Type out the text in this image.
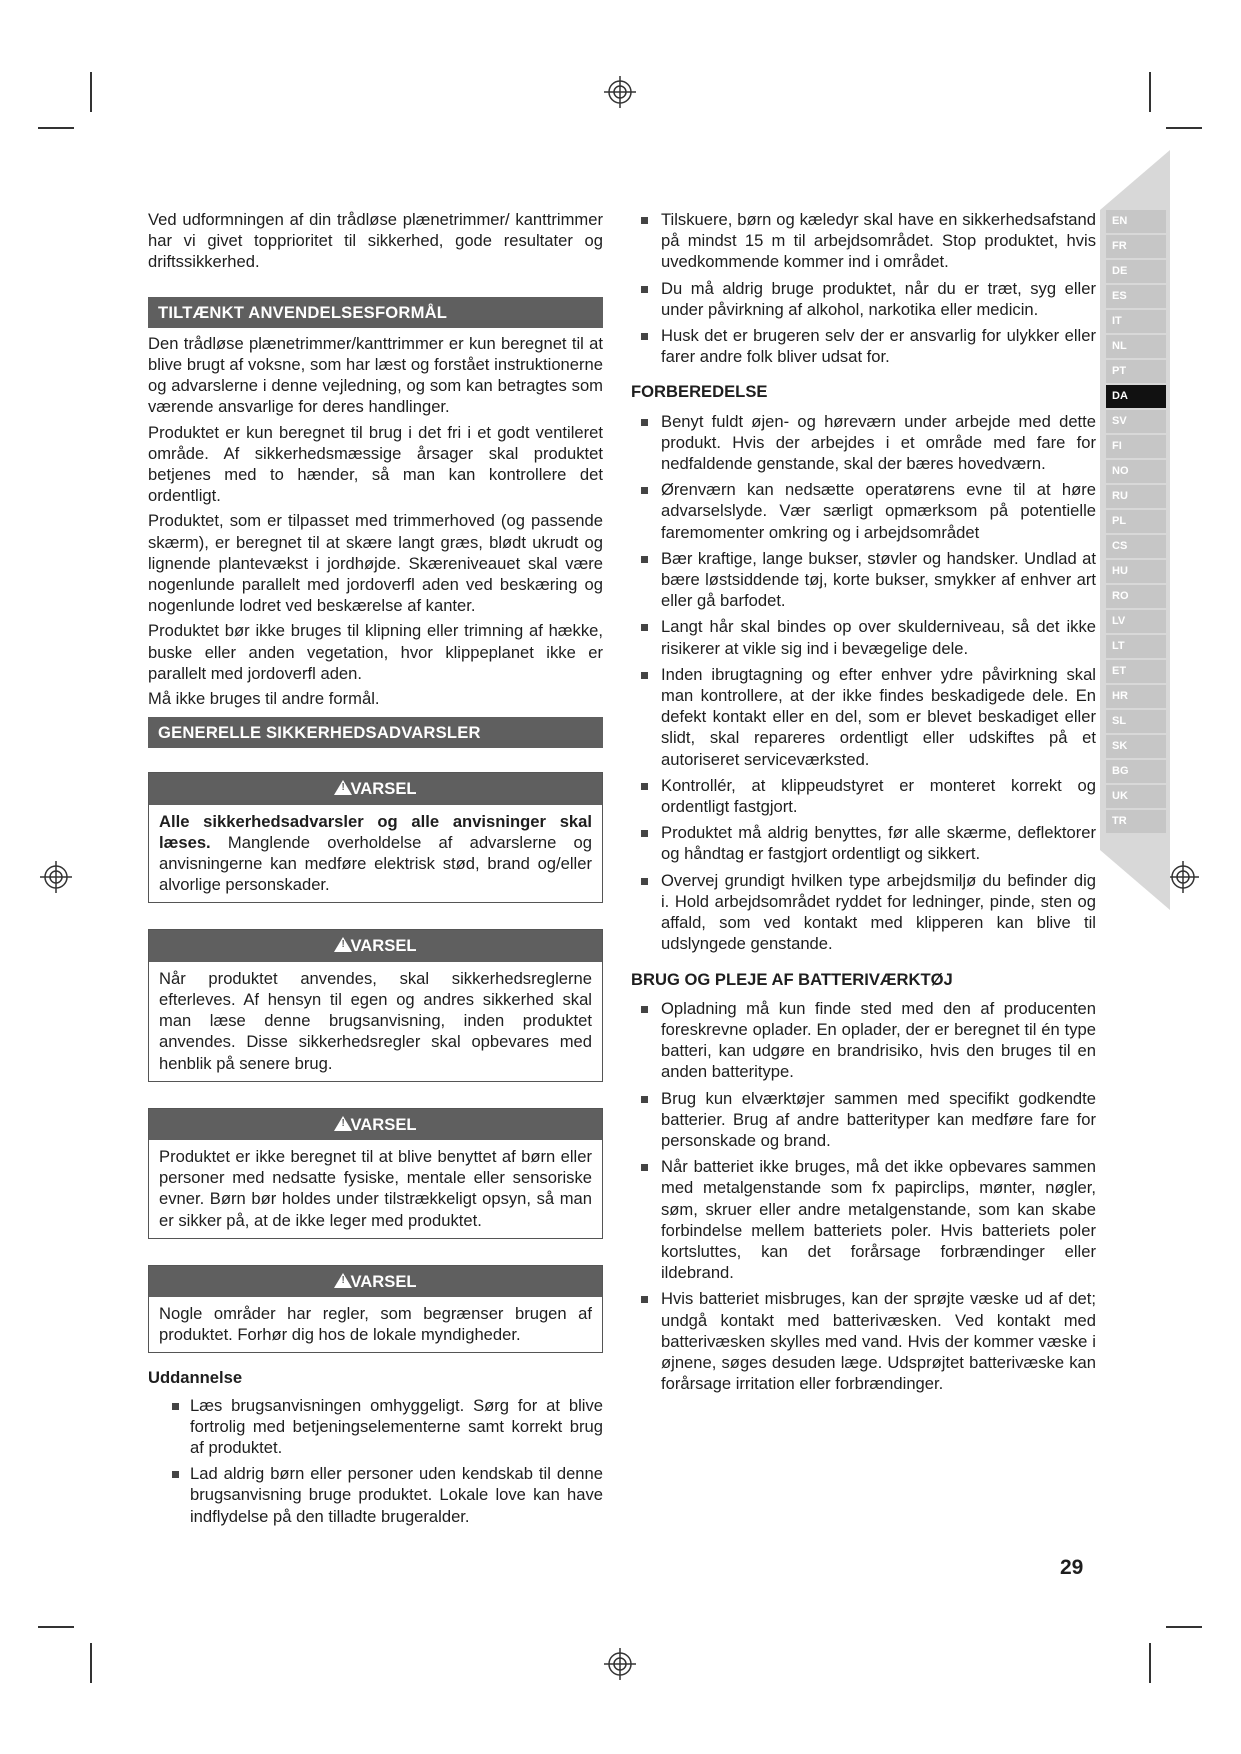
Ved udformningen af din trådløse plænetrimmer/ kanttrimmer har vi givet topprioritet til sikkerhed, gode resultater og driftssikkerhed.

TILTÆNKT ANVENDELSESFORMÅL

Den trådløse plænetrimmer/kanttrimmer er kun beregnet til at blive brugt af voksne, som har læst og forstået instruktionerne og advarslerne i denne vejledning, og som kan betragtes som værende ansvarlige for deres handlinger.

Produktet er kun beregnet til brug i det fri i et godt ventileret område. Af sikkerhedsmæssige årsager skal produktet betjenes med to hænder, så man kan kontrollere det ordentligt.

Produktet, som er tilpasset med trimmerhoved (og passende skærm), er beregnet til at skære langt græs, blødt ukrudt og lignende plantevækst i jordhøjde. Skæreniveauet skal være nogenlunde parallelt med jordoverfl aden ved beskæring og nogenlunde lodret ved beskærelse af kanter.

Produktet bør ikke bruges til klipning eller trimning af hække, buske eller anden vegetation, hvor klippeplanet ikke er parallelt med jordoverfl aden.

Må ikke bruges til andre formål.

GENERELLE SIKKERHEDSADVARSLER
!VARSEL
Alle sikkerhedsadvarsler og alle anvisninger skal læses. Manglende overholdelse af advarslerne og anvisningerne kan medføre elektrisk stød, brand og/eller alvorlige personskader.
!VARSEL
Når produktet anvendes, skal sikkerhedsreglerne efterleves. Af hensyn til egen og andres sikkerhed skal man læse denne brugsanvisning, inden produktet anvendes. Disse sikkerhedsregler skal opbevares med henblik på senere brug.
!VARSEL
Produktet er ikke beregnet til at blive benyttet af børn eller personer med nedsatte fysiske, mentale eller sensoriske evner. Børn bør holdes under tilstrækkeligt opsyn, så man er sikker på, at de ikke leger med produktet.
!VARSEL
Nogle områder har regler, som begrænser brugen af produktet. Forhør dig hos de lokale myndigheder.
Uddannelse
Læs brugsanvisningen omhyggeligt. Sørg for at blive fortrolig med betjeningselementerne samt korrekt brug af produktet.
Lad aldrig børn eller personer uden kendskab til denne brugsanvisning bruge produktet. Lokale love kan have indflydelse på den tilladte brugeralder.
Tilskuere, børn og kæledyr skal have en sikkerhedsafstand på mindst 15 m til arbejdsområdet. Stop produktet, hvis uvedkommende kommer ind i området.
Du må aldrig bruge produktet, når du er træt, syg eller under påvirkning af alkohol, narkotika eller medicin.
Husk det er brugeren selv der er ansvarlig for ulykker eller farer andre folk bliver udsat for.
FORBEREDELSE
Benyt fuldt øjen- og høreværn under arbejde med dette produkt. Hvis der arbejdes i et område med fare for nedfaldende genstande, skal der bæres hovedværn.
Ørenværn kan nedsætte operatørens evne til at høre advarselslyde. Vær særligt opmærksom på potentielle faremomenter omkring og i arbejdsområdet
Bær kraftige, lange bukser, støvler og handsker. Undlad at bære løstsiddende tøj, korte bukser, smykker af enhver art eller gå barfodet.
Langt hår skal bindes op over skulderniveau, så det ikke risikerer at vikle sig ind i bevægelige dele.
Inden ibrugtagning og efter enhver ydre påvirkning skal man kontrollere, at der ikke findes beskadigede dele. En defekt kontakt eller en del, som er blevet beskadiget eller slidt, skal repareres ordentligt eller udskiftes på et autoriseret serviceværksted.
Kontrollér, at klippeudstyret er monteret korrekt og ordentligt fastgjort.
Produktet må aldrig benyttes, før alle skærme, deflektorer og håndtag er fastgjort ordentligt og sikkert.
Overvej grundigt hvilken type arbejdsmiljø du befinder dig i. Hold arbejdsområdet ryddet for ledninger, pinde, sten og affald, som ved kontakt med klipperen kan blive til udslyngede genstande.
BRUG OG PLEJE AF BATTERIVÆRKTØJ
Opladning må kun finde sted med den af producenten foreskrevne oplader. En oplader, der er beregnet til én type batteri, kan udgøre en brandrisiko, hvis den bruges til en anden batteritype.
Brug kun elværktøjer sammen med specifikt godkendte batterier. Brug af andre batterityper kan medføre fare for personskade og brand.
Når batteriet ikke bruges, må det ikke opbevares sammen med metalgenstande som fx papirclips, mønter, nøgler, søm, skruer eller andre metalgenstande, som kan skabe forbindelse mellem batteriets poler. Hvis batteriets poler kortsluttes, kan det forårsage forbrændinger eller ildebrand.
Hvis batteriet misbruges, kan der sprøjte væske ud af det; undgå kontakt med batterivæsken. Ved kontakt med batterivæsken skylles med vand. Hvis der kommer væske i øjnene, søges desuden læge. Udsprøjtet batterivæske kan forårsage irritation eller forbrændinger.
EN
FR
DE
ES
IT
NL
PT
DA
SV
FI
NO
RU
PL
CS
HU
RO
LV
LT
ET
HR
SL
SK
BG
UK
TR
29
